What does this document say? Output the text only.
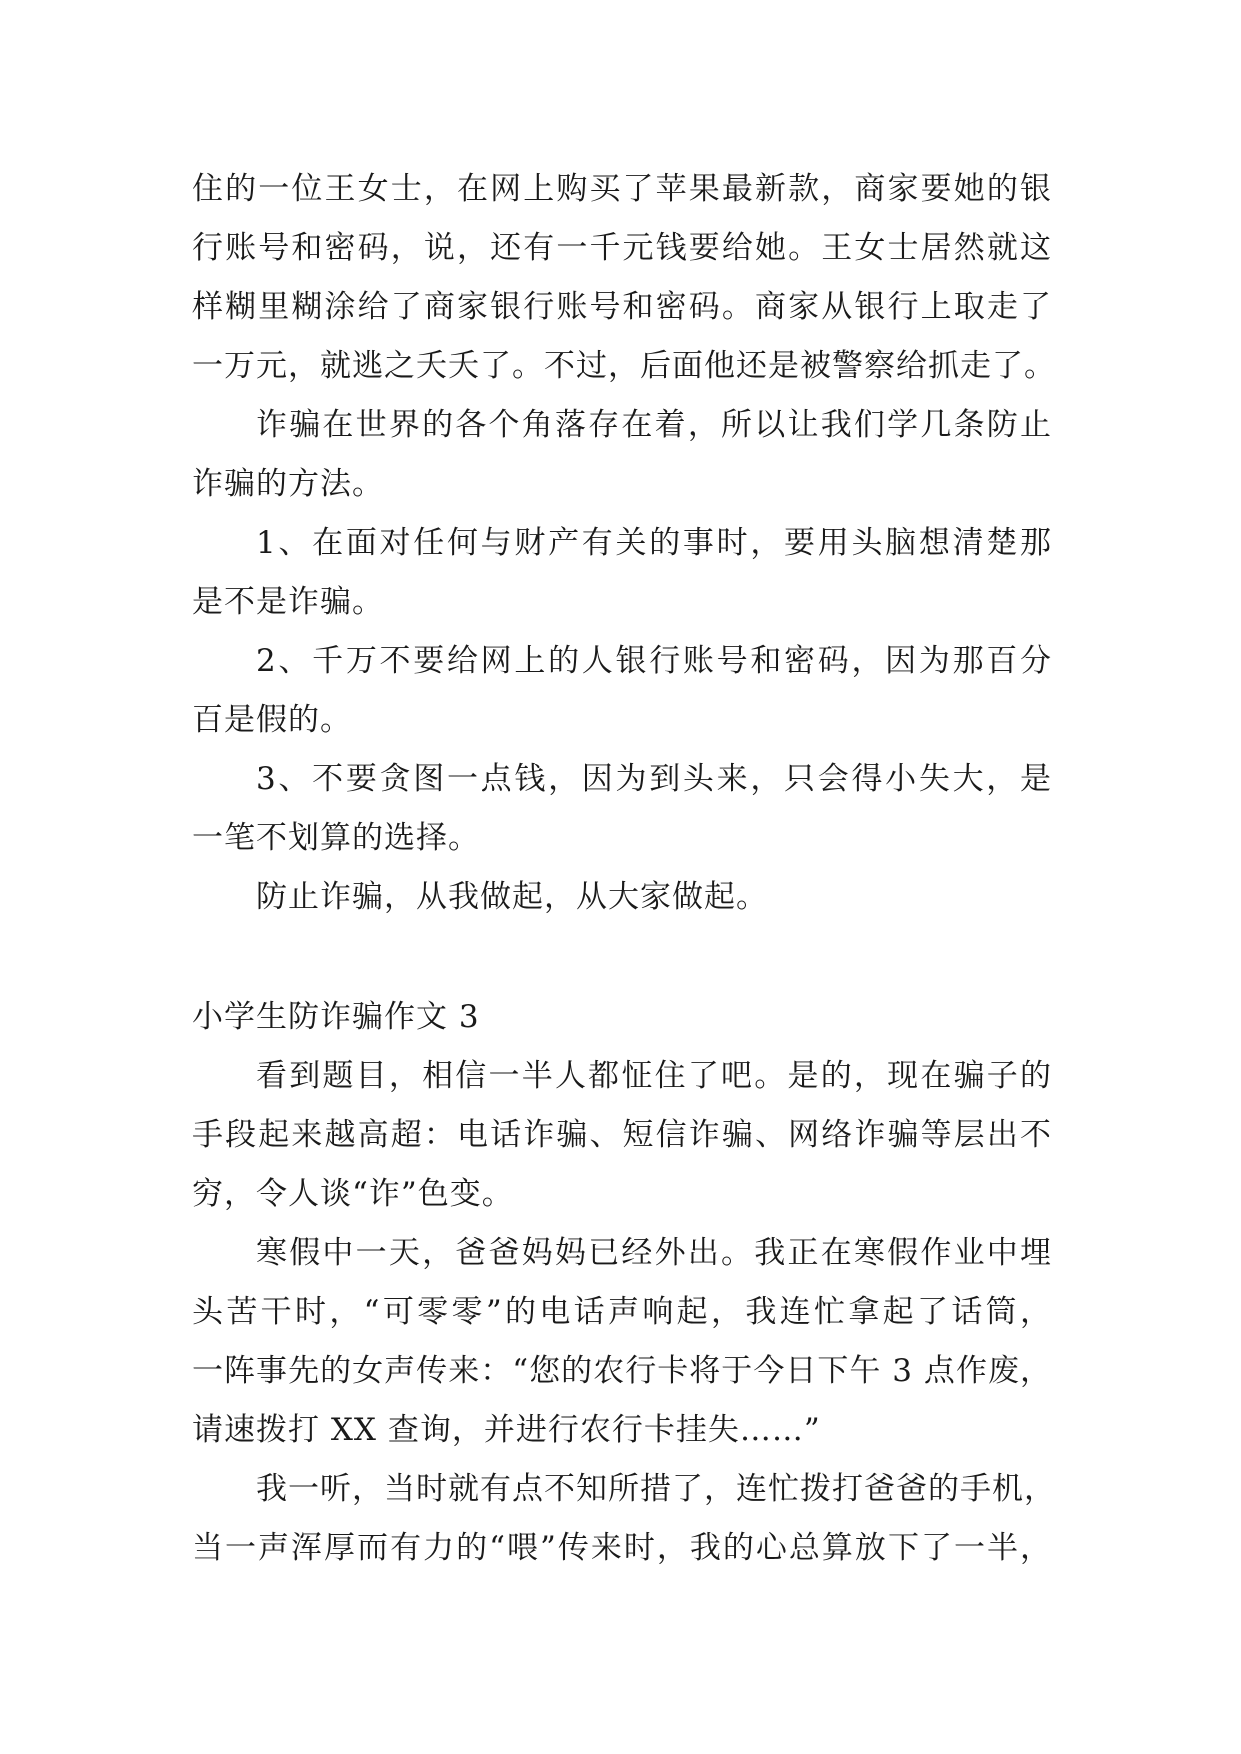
住的一位王女士，在网上购买了苹果最新款，商家要她的银
行账号和密码，说，还有一千元钱要给她。王女士居然就这
样糊里糊涂给了商家银行账号和密码。商家从银行上取走了
一万元，就逃之夭夭了。不过，后面他还是被警察给抓走了。
诈骗在世界的各个角落存在着，所以让我们学几条防止
诈骗的方法。
1、在面对任何与财产有关的事时，要用头脑想清楚那
是不是诈骗。
2、千万不要给网上的人银行账号和密码，因为那百分
百是假的。
3、不要贪图一点钱，因为到头来，只会得小失大，是
一笔不划算的选择。
防止诈骗，从我做起，从大家做起。
小学生防诈骗作文 3
看到题目，相信一半人都怔住了吧。是的，现在骗子的
手段起来越高超：电话诈骗、短信诈骗、网络诈骗等层出不
穷，令人谈“诈”色变。
寒假中一天，爸爸妈妈已经外出。我正在寒假作业中埋
头苦干时，“可零零”的电话声响起，我连忙拿起了话筒，
一阵事先的女声传来：“您的农行卡将于今日下午 3 点作废，
请速拨打 XX 查询，并进行农行卡挂失……”
我一听，当时就有点不知所措了，连忙拨打爸爸的手机，
当一声浑厚而有力的“喂”传来时，我的心总算放下了一半，
